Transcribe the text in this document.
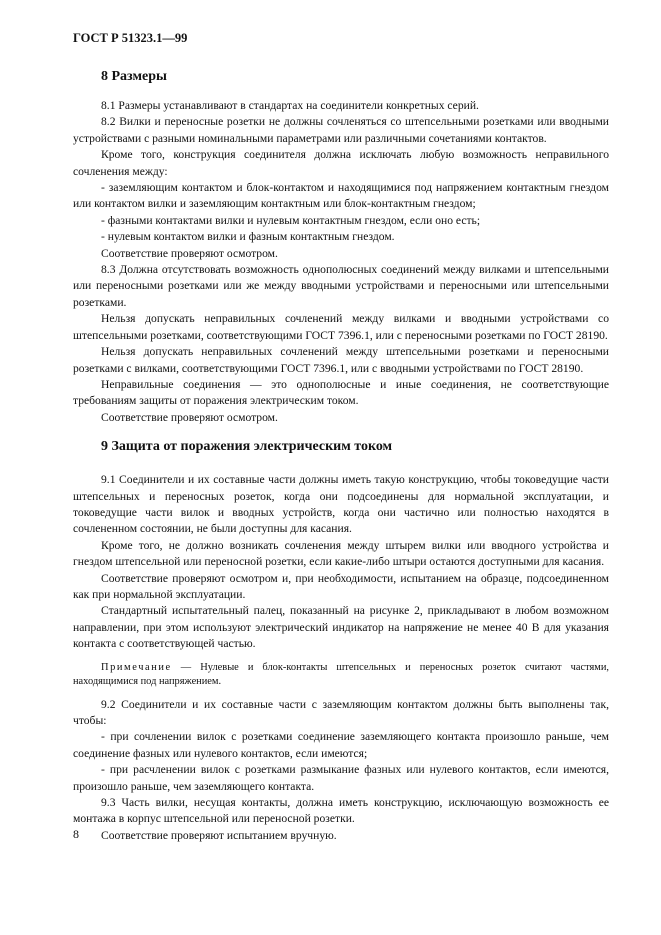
ГОСТ Р 51323.1—99
8 Размеры

8.1 Размеры устанавливают в стандартах на соединители конкретных серий.

8.2 Вилки и переносные розетки не должны сочленяться со штепсельными розетками или вводными устройствами с разными номинальными параметрами или различными сочетаниями контактов.

Кроме того, конструкция соединителя должна исключать любую возможность неправильного сочленения между:

- заземляющим контактом и блок-контактом и находящимися под напряжением контактным гнездом или контактом вилки и заземляющим контактным или блок-контактным гнездом;

- фазными контактами вилки и нулевым контактным гнездом, если оно есть;

- нулевым контактом вилки и фазным контактным гнездом.

Соответствие проверяют осмотром.

8.3 Должна отсутствовать возможность однополюсных соединений между вилками и штепсельными или переносными розетками или же между вводными устройствами и переносными или штепсельными розетками.

Нельзя допускать неправильных сочленений между вилками и вводными устройствами со штепсельными розетками, соответствующими ГОСТ 7396.1, или с переносными розетками по ГОСТ 28190.

Нельзя допускать неправильных сочленений между штепсельными розетками и переносными розетками с вилками, соответствующими ГОСТ 7396.1, или с вводными устройствами по ГОСТ 28190.

Неправильные соединения — это однополюсные и иные соединения, не соответствующие требованиям защиты от поражения электрическим током.

Соответствие проверяют осмотром.

9 Защита от поражения электрическим током

9.1 Соединители и их составные части должны иметь такую конструкцию, чтобы токоведущие части штепсельных и переносных розеток, когда они подсоединены для нормальной эксплуатации, и токоведущие части вилок и вводных устройств, когда они частично или полностью находятся в сочлененном состоянии, не были доступны для касания.

Кроме того, не должно возникать сочленения между штырем вилки или вводного устройства и гнездом штепсельной или переносной розетки, если какие-либо штыри остаются доступными для касания.

Соответствие проверяют осмотром и, при необходимости, испытанием на образце, подсоединенном как при нормальной эксплуатации.

Стандартный испытательный палец, показанный на рисунке 2, прикладывают в любом возможном направлении, при этом используют электрический индикатор на напряжение не менее 40 В для указания контакта с соответствующей частью.

Примечание — Нулевые и блок-контакты штепсельных и переносных розеток считают частями, находящимися под напряжением.

9.2 Соединители и их составные части с заземляющим контактом должны быть выполнены так, чтобы:

- при сочленении вилок с розетками соединение заземляющего контакта произошло раньше, чем соединение фазных или нулевого контактов, если имеются;

- при расчленении вилок с розетками размыкание фазных или нулевого контактов, если имеются, произошло раньше, чем заземляющего контакта.

9.3 Часть вилки, несущая контакты, должна иметь конструкцию, исключающую возможность ее монтажа в корпус штепсельной или переносной розетки.

Соответствие проверяют испытанием вручную.

8
